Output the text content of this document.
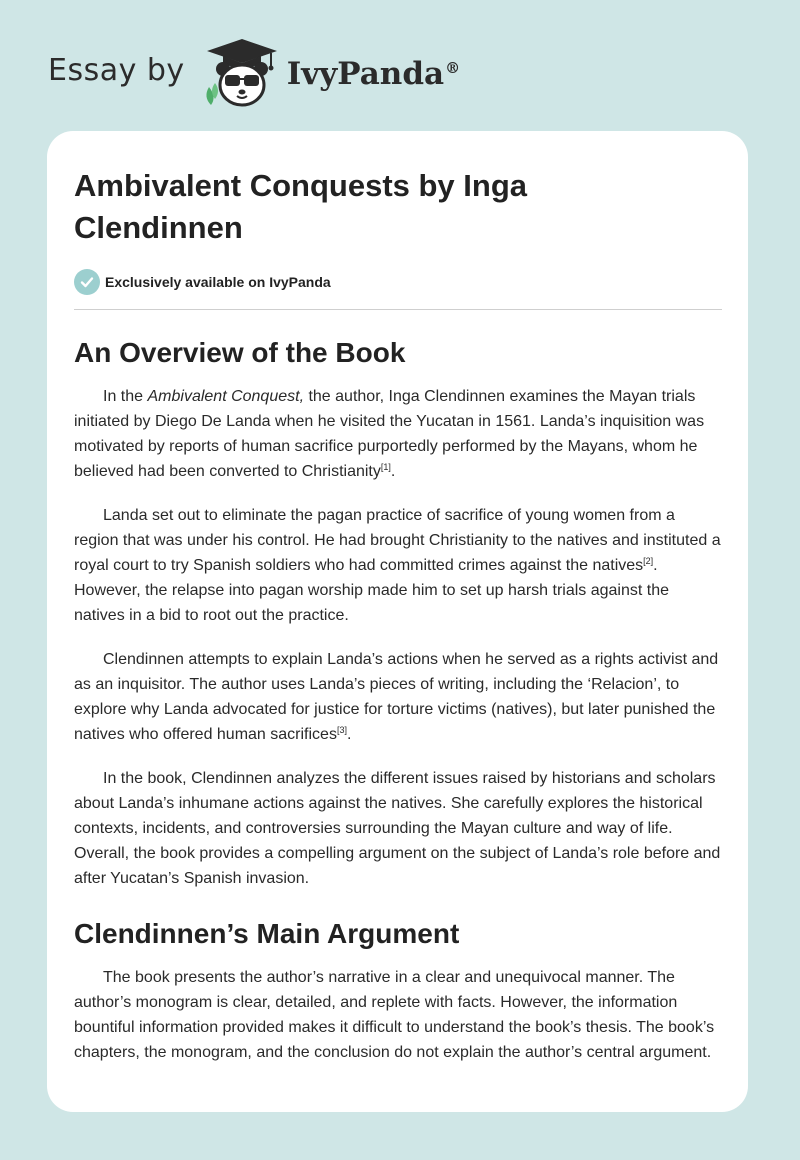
Essay by	IvyPanda®
Ambivalent Conquests by Inga Clendinnen
Exclusively available on IvyPanda
An Overview of the Book

In the Ambivalent Conquest, the author, Inga Clendinnen examines the Mayan trials initiated by Diego De Landa when he visited the Yucatan in 1561. Landa’s inquisition was motivated by reports of human sacrifice purportedly performed by the Mayans, whom he believed had been converted to Christianity[1].

Landa set out to eliminate the pagan practice of sacrifice of young women from a region that was under his control. He had brought Christianity to the natives and instituted a royal court to try Spanish soldiers who had committed crimes against the natives[2]. However, the relapse into pagan worship made him to set up harsh trials against the natives in a bid to root out the practice.

Clendinnen attempts to explain Landa’s actions when he served as a rights activist and as an inquisitor. The author uses Landa’s pieces of writing, including the ‘Relacion’, to explore why Landa advocated for justice for torture victims (natives), but later punished the natives who offered human sacrifices[3].

In the book, Clendinnen analyzes the different issues raised by historians and scholars about Landa’s inhumane actions against the natives. She carefully explores the historical contexts, incidents, and controversies surrounding the Mayan culture and way of life. Overall, the book provides a compelling argument on the subject of Landa’s role before and after Yucatan’s Spanish invasion.

Clendinnen’s Main Argument

The book presents the author’s narrative in a clear and unequivocal manner. The author’s monogram is clear, detailed, and replete with facts. However, the information bountiful information provided makes it difficult to understand the book’s thesis. The book’s chapters, the monogram, and the conclusion do not explain the author’s central argument.
